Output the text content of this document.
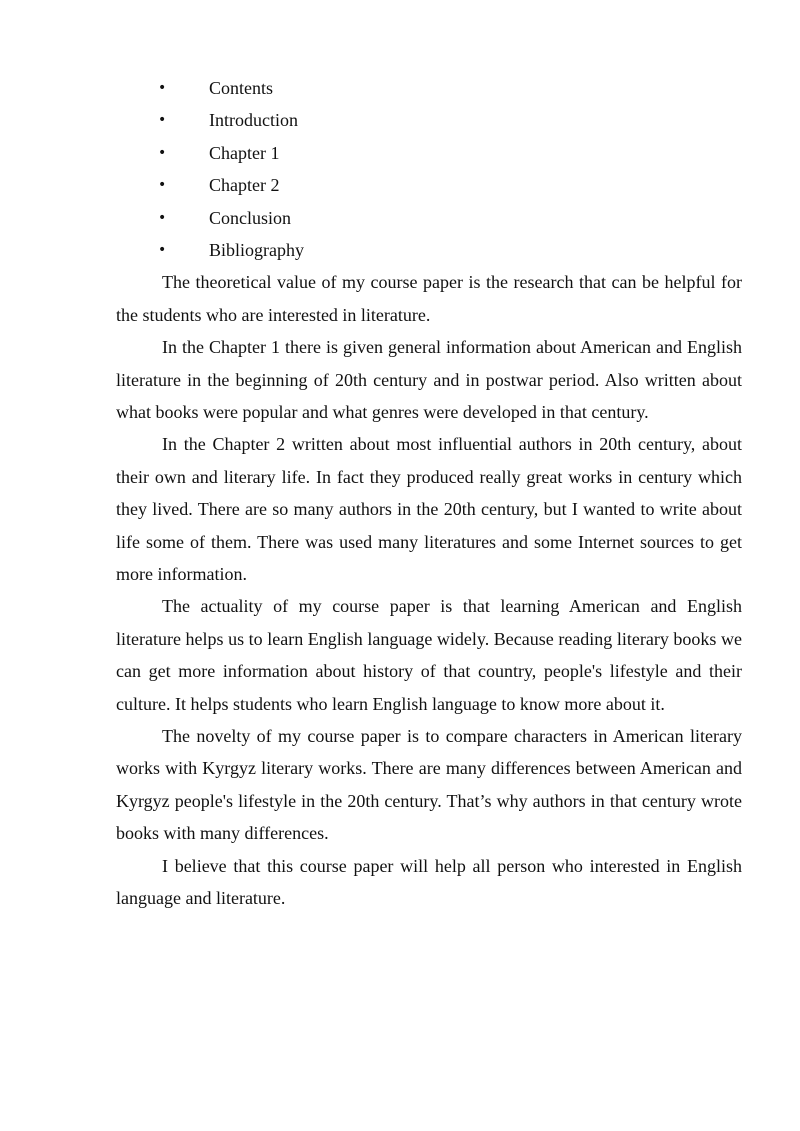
• Contents
• Introduction
• Chapter 1
• Chapter 2
• Conclusion
• Bibliography

The theoretical value of my course paper is the research that can be helpful for the students who are interested in literature.

In the Chapter 1 there is given general information about American and English literature in the beginning of 20th century and in postwar period. Also written about what books were popular and what genres were developed in that century.

In the Chapter 2 written about most influential authors in 20th century, about their own and literary life. In fact they produced really great works in century which they lived. There are so many authors in the 20th century, but I wanted to write about life some of them. There was used many literatures and some Internet sources to get more information.

The actuality of my course paper is that learning American and English literature helps us to learn English language widely. Because reading literary books we can get more information about history of that country, people's lifestyle and their culture. It helps students who learn English language to know more about it.

The novelty of my course paper is to compare characters in American literary works with Kyrgyz literary works. There are many differences between American and Kyrgyz people's lifestyle in the 20th century. That’s why authors in that century wrote books with many differences.

I believe that this course paper will help all person who interested in English language and literature.
